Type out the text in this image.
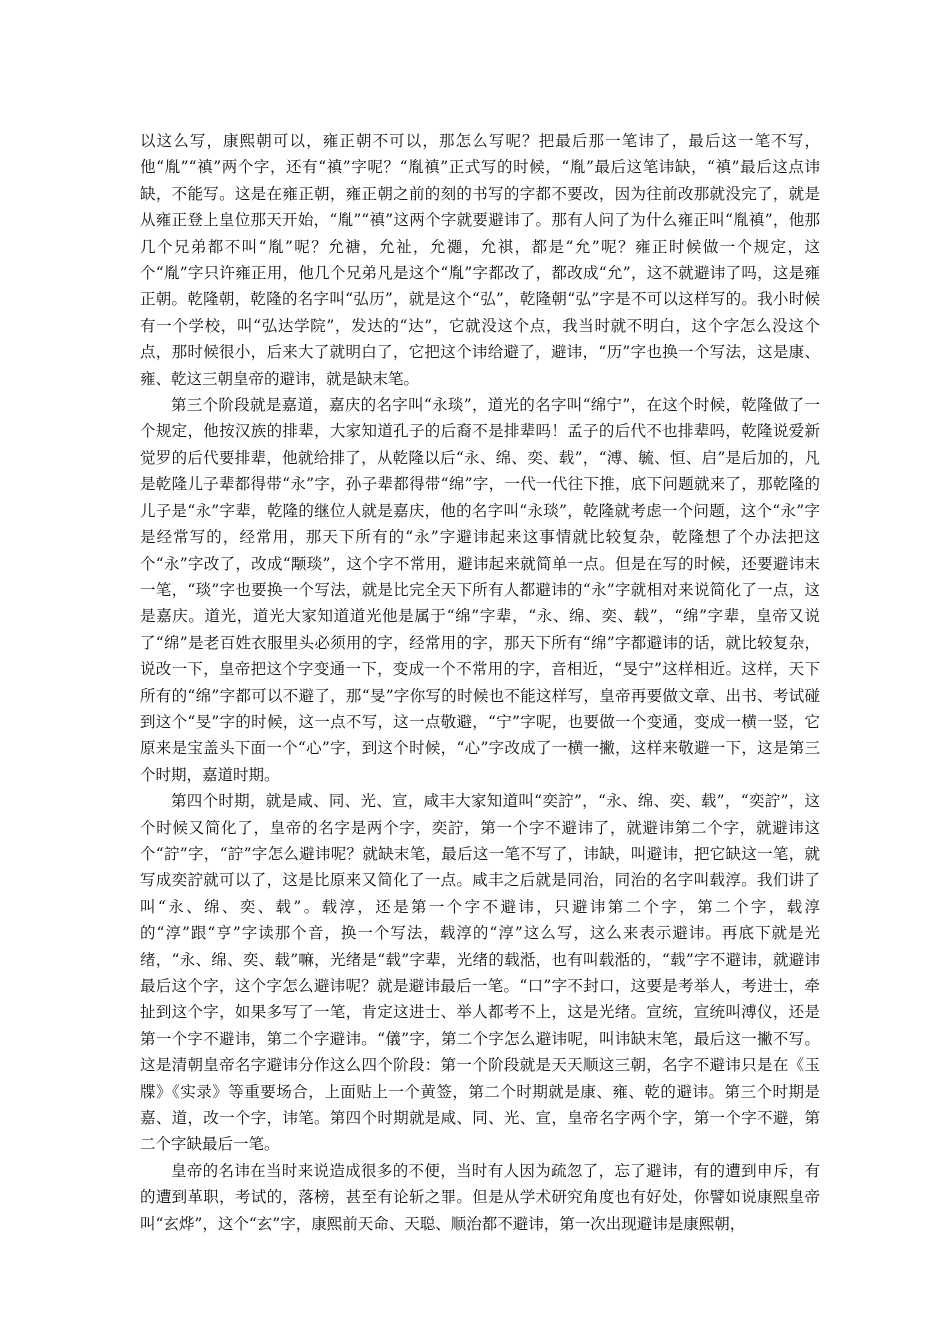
以这么写，康熙朝可以，雍正朝不可以，那怎么写呢？把最后那一笔讳了，最后这一笔不写，他“胤”“禛”两个字，还有“禛”字呢？“胤禛”正式写的时候，“胤”最后这笔讳缺，“禛”最后这点讳缺，不能写。这是在雍正朝，雍正朝之前的刻的书写的字都不要改，因为往前改那就没完了，就是从雍正登上皇位那天开始，“胤”“禛”这两个字就要避讳了。那有人问了为什么雍正叫“胤禛”，他那几个兄弟都不叫“胤”呢？允禟，允祉，允禵，允祺，都是“允”呢？雍正时候做一个规定，这个“胤”字只许雍正用，他几个兄弟凡是这个“胤”字都改了，都改成“允”，这不就避讳了吗，这是雍正朝。乾隆朝，乾隆的名字叫“弘历”，就是这个“弘”，乾隆朝“弘”字是不可以这样写的。我小时候有一个学校，叫“弘达学院”，发达的“达”，它就没这个点，我当时就不明白，这个字怎么没这个点，那时候很小，后来大了就明白了，它把这个讳给避了，避讳，“历”字也换一个写法，这是康、雍、乾这三朝皇帝的避讳，就是缺末笔。

第三个阶段就是嘉道，嘉庆的名字叫“永琰”，道光的名字叫“绵宁”，在这个时候，乾隆做了一个规定，他按汉族的排辈，大家知道孔子的后裔不是排辈吗！孟子的后代不也排辈吗，乾隆说爱新觉罗的后代要排辈，他就给排了，从乾隆以后“永、绵、奕、载”，“溥、毓、恒、启”是后加的，凡是乾隆儿子辈都得带“永”字，孙子辈都得带“绵”字，一代一代往下推，底下问题就来了，那乾隆的儿子是“永”字辈，乾隆的继位人就是嘉庆，他的名字叫“永琰”，乾隆就考虑一个问题，这个“永”字是经常写的，经常用，那天下所有的“永”字避讳起来这事情就比较复杂，乾隆想了个办法把这个“永”字改了，改成“颙琰”，这个字不常用，避讳起来就简单一点。但是在写的时候，还要避讳末一笔，“琰”字也要换一个写法，就是比完全天下所有人都避讳的“永”字就相对来说简化了一点，这是嘉庆。道光，道光大家知道道光他是属于“绵”字辈，“永、绵、奕、载”，“绵”字辈，皇帝又说了“绵”是老百姓衣服里头必须用的字，经常用的字，那天下所有“绵”字都避讳的话，就比较复杂，说改一下，皇帝把这个字变通一下，变成一个不常用的字，音相近，“旻宁”这样相近。这样，天下所有的“绵”字都可以不避了，那“旻”字你写的时候也不能这样写，皇帝再要做文章、出书、考试碰到这个“旻”字的时候，这一点不写，这一点敬避，“宁”字呢，也要做一个变通，变成一横一竖，它原来是宝盖头下面一个“心”字，到这个时候，“心”字改成了一横一撇，这样来敬避一下，这是第三个时期，嘉道时期。

第四个时期，就是咸、同、光、宣，咸丰大家知道叫“奕詝”，“永、绵、奕、载”，“奕詝”，这个时候又简化了，皇帝的名字是两个字，奕詝，第一个字不避讳了，就避讳第二个字，就避讳这个“詝”字，“詝”字怎么避讳呢？就缺末笔，最后这一笔不写了，讳缺，叫避讳，把它缺这一笔，就写成奕詝就可以了，这是比原来又简化了一点。咸丰之后就是同治，同治的名字叫载淳。我们讲了叫“永、绵、奕、载”。载淳，还是第一个字不避讳，只避讳第二个字，第二个字，载淳的“淳”跟“亨”字读那个音，换一个写法，载淳的“淳”这么写，这么来表示避讳。再底下就是光绪，“永、绵、奕、载”嘛，光绪是“载”字辈，光绪的载湉，也有叫载湉的，“载”字不避讳，就避讳最后这个字，这个字怎么避讳呢？就是避讳最后一笔。“口”字不封口，这要是考举人，考进士，牵扯到这个字，如果多写了一笔，肯定这进士、举人都考不上，这是光绪。宣统，宣统叫溥仪，还是第一个字不避讳，第二个字避讳。“儀”字，第二个字怎么避讳呢，叫讳缺末笔，最后这一撇不写。这是清朝皇帝名字避讳分作这么四个阶段：第一个阶段就是天天顺这三朝，名字不避讳只是在《玉牒》《实录》等重要场合，上面贴上一个黄签，第二个时期就是康、雍、乾的避讳。第三个时期是嘉、道，改一个字，讳笔。第四个时期就是咸、同、光、宣，皇帝名字两个字，第一个字不避，第二个字缺最后一笔。

皇帝的名讳在当时来说造成很多的不便，当时有人因为疏忽了，忘了避讳，有的遭到申斥，有的遭到革职，考试的，落榜，甚至有论斩之罪。但是从学术研究角度也有好处，你譬如说康熙皇帝叫“玄烨”，这个“玄”字，康熙前天命、天聪、顺治都不避讳，第一次出现避讳是康熙朝，
